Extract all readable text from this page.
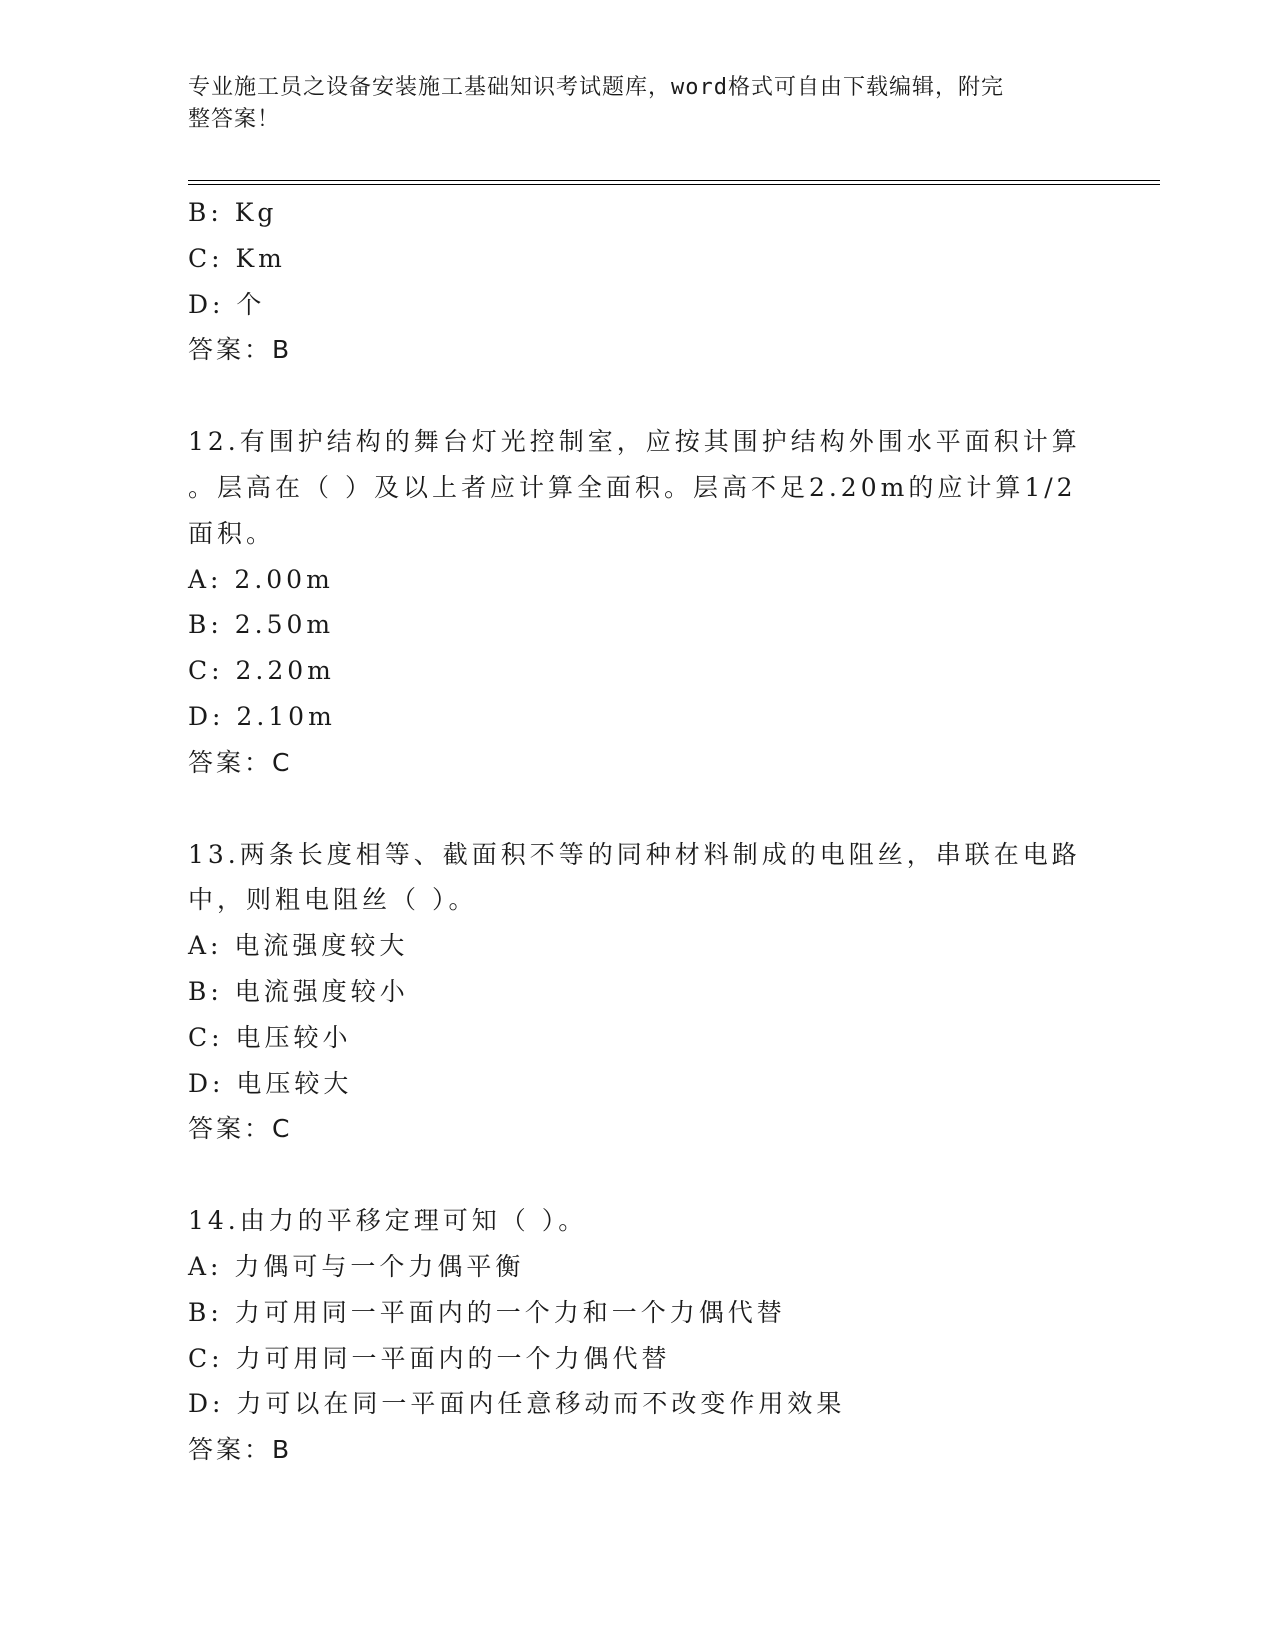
专业施工员之设备安装施工基础知识考试题库，word格式可自由下载编辑，附完
整答案！
B: Kg
C: Km
D: 个
答案：B
12.有围护结构的舞台灯光控制室，应按其围护结构外围水平面积计算
。层高在（ ）及以上者应计算全面积。层高不足2.20m的应计算1/2
面积。
A: 2.00m
B: 2.50m
C: 2.20m
D: 2.10m
答案：C
13.两条长度相等、截面积不等的同种材料制成的电阻丝，串联在电路
中，则粗电阻丝（ ）。
A: 电流强度较大
B: 电流强度较小
C: 电压较小
D: 电压较大
答案：C
14.由力的平移定理可知（ ）。
A: 力偶可与一个力偶平衡
B: 力可用同一平面内的一个力和一个力偶代替
C: 力可用同一平面内的一个力偶代替
D: 力可以在同一平面内任意移动而不改变作用效果
答案：B
